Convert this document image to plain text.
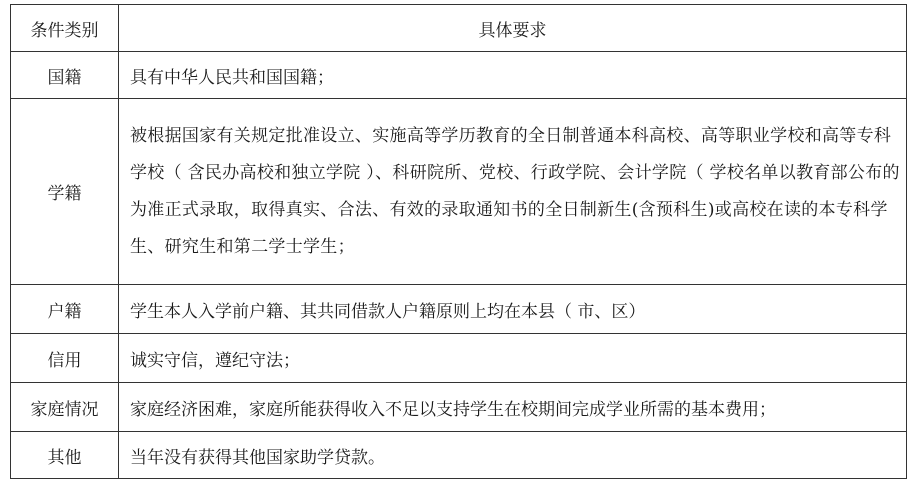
条件类别	具体要求
国籍	具有中华人民共和国国籍；
学籍	被根据国家有关规定批准设立、实施高等学历教育的全日制普通本科高校、高等职业学校和高等专科学校（ 含民办高校和独立学院 ）、科研院所、党校、行政学院、会计学院（ 学校名单以教育部公布的为准正式录取，取得真实、合法、有效的录取通知书的全日制新生(含预科生)或高校在读的本专科学生、研究生和第二学士学生；
户籍	学生本人入学前户籍、其共同借款人户籍原则上均在本县（ 市、区）
信用	诚实守信，遵纪守法；
家庭情况	家庭经济困难，家庭所能获得收入不足以支持学生在校期间完成学业所需的基本费用；
其他	当年没有获得其他国家助学贷款。
